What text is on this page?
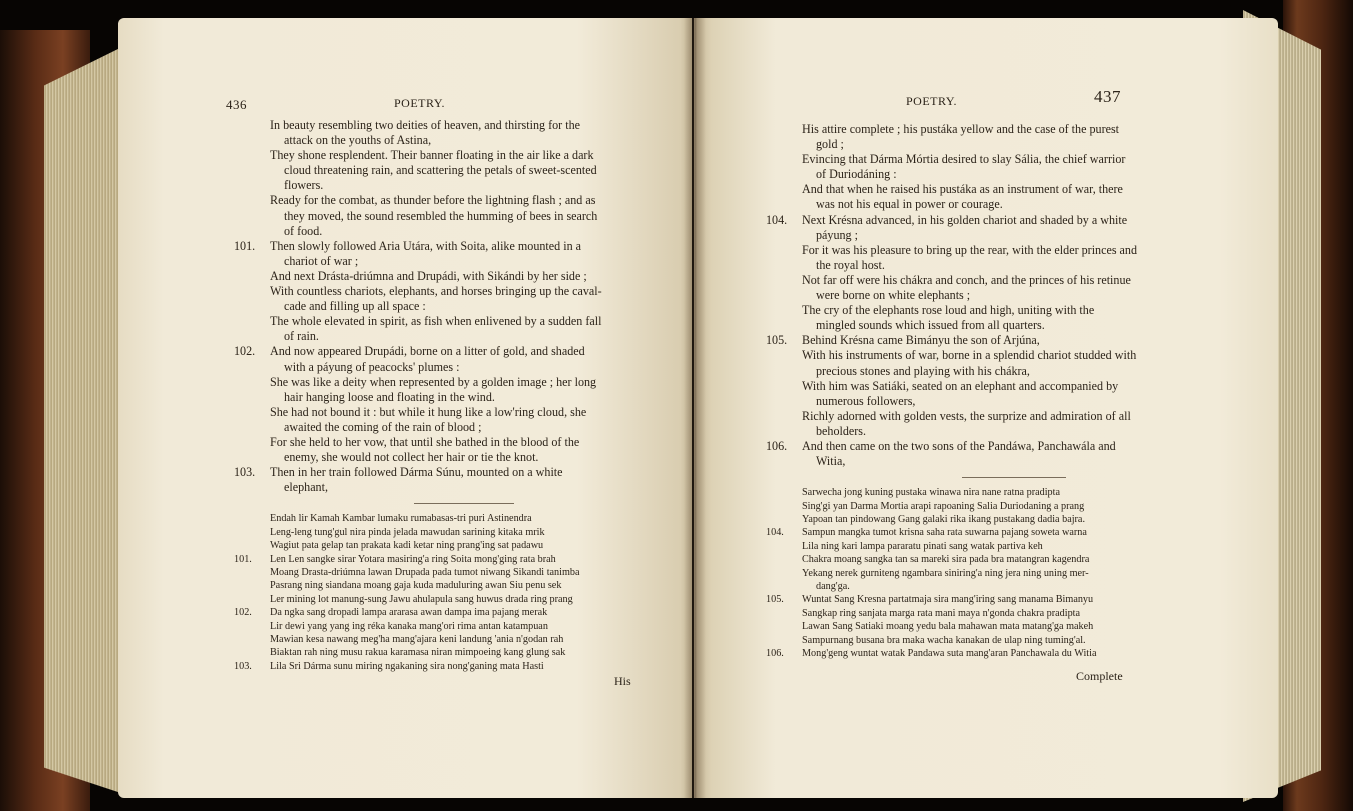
436	POETRY.
In beauty resembling two deities of heaven, and thirsting for the
attack on the youths of Astina,
They shone resplendent. Their banner floating in the air like a dark
cloud threatening rain, and scattering the petals of sweet-scented
flowers.
Ready for the combat, as thunder before the lightning flash ; and as
they moved, the sound resembled the humming of bees in search
of food.
101. Then slowly followed Aria Utára, with Soita, alike mounted in a
chariot of war ;
And next Drásta-driúmna and Drupádi, with Sikándi by her side ;
With countless chariots, elephants, and horses bringing up the caval-
cade and filling up all space :
The whole elevated in spirit, as fish when enlivened by a sudden fall
of rain.
102. And now appeared Drupádi, borne on a litter of gold, and shaded
with a páyung of peacocks' plumes :
She was like a deity when represented by a golden image ; her long
hair hanging loose and floating in the wind.
She had not bound it : but while it hung like a low'ring cloud, she
awaited the coming of the rain of blood ;
For she held to her vow, that until she bathed in the blood of the
enemy, she would not collect her hair or tie the knot.
103. Then in her train followed Dárma Súnu, mounted on a white
elephant,
Endah lir Kamah Kambar lumaku rumabasas-tri puri Astinendra
Leng-leng tung'gul nira pinda jelada mawudan sarining kitaka mrik
Wagiut pata gelap tan prakata kadi ketar ning prang'ing sat padawu
101. Len Len sangke sirar Yotara masiring'a ring Soita mong'ging rata brah
Moang Drasta-driúmna lawan Drupada pada tumot niwang Sikandi tanimba
Pasrang ning siandana moang gaja kuda maduluring awan Siu penu sek
Ler mining lot manung-sung Jawu ahulapula sang huwus drada ring prang
102. Da ngka sang dropadi lampa ararasa awan dampa ima pajang merak
Lir dewi yang yang ing réka kanaka mang'ori rima antan katampuan
Mawian kesa nawang meg'ha mang'ajara keni landung 'ania n'godan rah
Biaktan rah ning musu rakua karamasa niran mimpoeing kang glung sak
103. Lila Sri Dárma sunu miring ngakaning sira nong'ganing mata Hasti
His
POETRY.	437
His attire complete ; his pustáka yellow and the case of the purest
gold ;
Evincing that Dárma Mórtia desired to slay Sália, the chief warrior
of Duriodáning :
And that when he raised his pustáka as an instrument of war, there
was not his equal in power or courage.
104. Next Krésna advanced, in his golden chariot and shaded by a white
páyung ;
For it was his pleasure to bring up the rear, with the elder princes and
the royal host.
Not far off were his chákra and conch, and the princes of his retinue
were borne on white elephants ;
The cry of the elephants rose loud and high, uniting with the
mingled sounds which issued from all quarters.
105. Behind Krésna came Bimányu the son of Arjúna,
With his instruments of war, borne in a splendid chariot studded with
precious stones and playing with his chákra,
With him was Satiáki, seated on an elephant and accompanied by
numerous followers,
Richly adorned with golden vests, the surprize and admiration of all
beholders.
106. And then came on the two sons of the Pandáwa, Panchawála and
Witia,
Sarwecha jong kuning pustaka winawa nira nane ratna pradipta
Sing'gi yan Darma Mortia arapi rapoaning Salia Duriodaning a prang
Yapoan tan pindowang Gang galaki rika ikang pustakang dadia bajra.
104. Sampun mangka tumot krisna saha rata suwarna pajang soweta warna
Lila ning kari lampa pararatu pinati sang watak partiva keh
Chakra moang sangka tan sa mareki sira pada bra matangran kagendra
Yekang nerek gurniteng ngambara siniring'a ning jera ning uning mer-
dang'ga.
105. Wuntat Sang Kresna partatmaja sira mang'iring sang manama Bimanyu
Sangkap ring sanjata marga rata mani maya n'gonda chakra pradipta
Lawan Sang Satiaki moang yedu bala mahawan mata matang'ga makeh
Sampurnang busana bra maka wacha kanakan de ulap ning tuming'al.
106. Mong'geng wuntat watak Pandawa suta mang'aran Panchawala du Witia
Complete
